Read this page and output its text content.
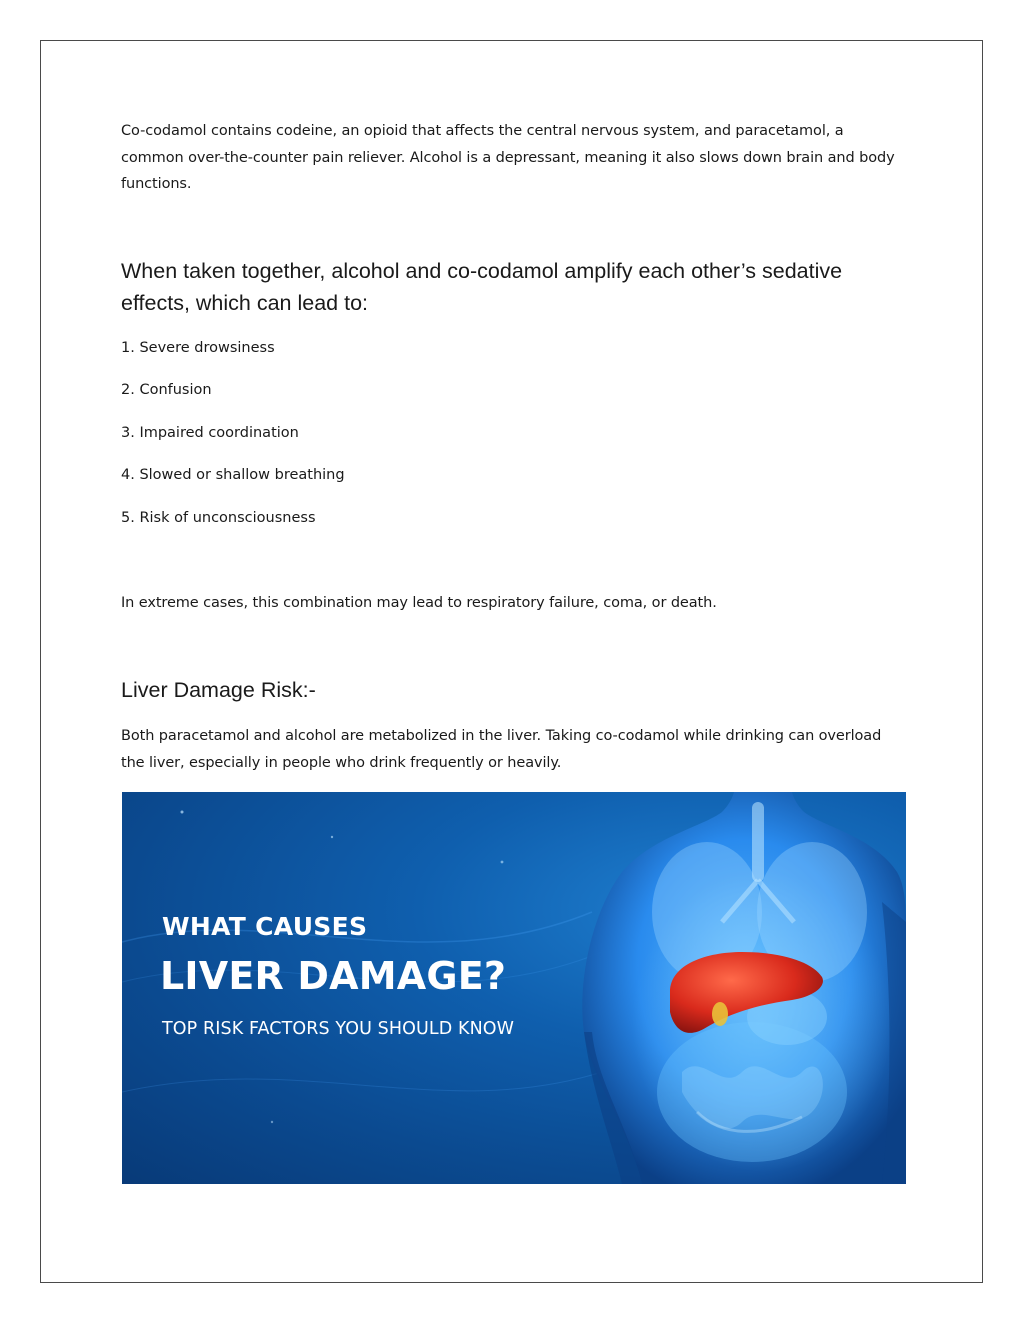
Co-codamol contains codeine, an opioid that affects the central nervous system, and paracetamol, a common over-the-counter pain reliever. Alcohol is a depressant, meaning it also slows down brain and body functions.

When taken together, alcohol and co-codamol amplify each other’s sedative effects, which can lead to:

1. Severe drowsiness

2. Confusion

3. Impaired coordination

4. Slowed or shallow breathing

5. Risk of unconsciousness

In extreme cases, this combination may lead to respiratory failure, coma, or death.

Liver Damage Risk:-

Both paracetamol and alcohol are metabolized in the liver. Taking co-codamol while drinking can overload the liver, especially in people who drink frequently or heavily.

WHAT CAUSES

LIVER DAMAGE?

TOP RISK FACTORS YOU SHOULD KNOW
